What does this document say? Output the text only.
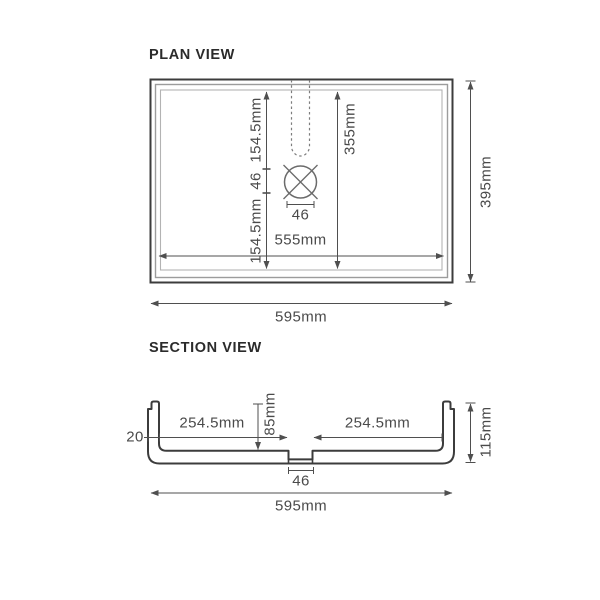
PLAN VIEW
154.5mm
46
154.5mm
355mm
46
555mm
395mm
595mm
SECTION VIEW
20
254.5mm 85mm	254.5mm	115mm
46
595mm
